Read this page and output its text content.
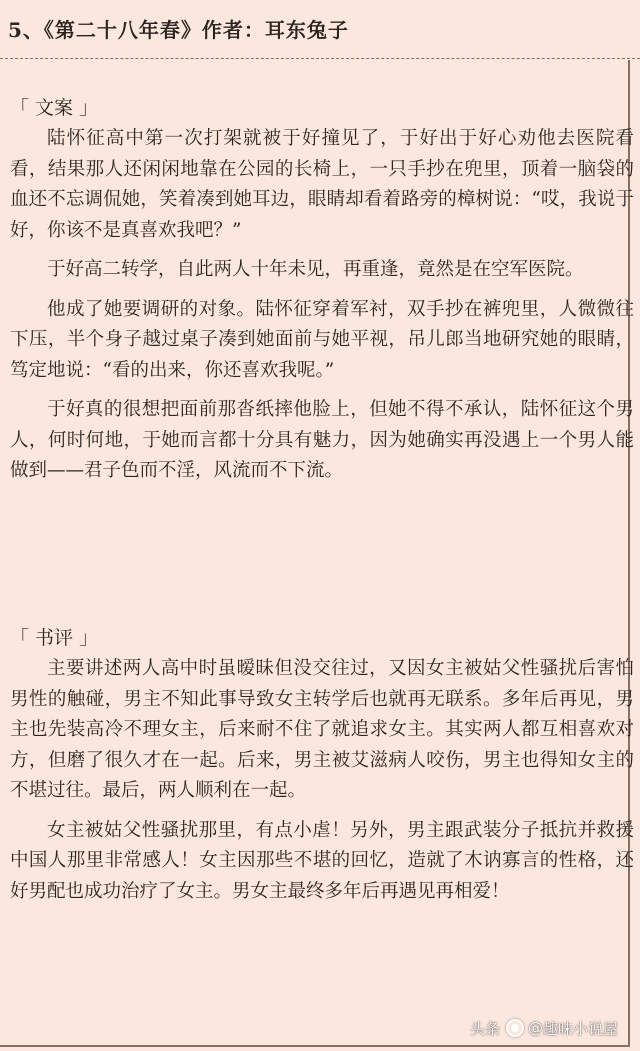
5、《第二十八年春》作者：耳东兔子
「 文案 」

陆怀征高中第一次打架就被于好撞见了，于好出于好心劝他去医院看看，结果那人还闲闲地靠在公园的长椅上，一只手抄在兜里，顶着一脑袋的血还不忘调侃她，笑着凑到她耳边，眼睛却看着路旁的樟树说：“哎，我说于好，你该不是真喜欢我吧？”

于好高二转学，自此两人十年未见，再重逢，竟然是在空军医院。

他成了她要调研的对象。陆怀征穿着军衬，双手抄在裤兜里，人微微往下压，半个身子越过桌子凑到她面前与她平视，吊儿郎当地研究她的眼睛，笃定地说：“看的出来，你还喜欢我呢。”

于好真的很想把面前那沓纸摔他脸上，但她不得不承认，陆怀征这个男人，何时何地，于她而言都十分具有魅力，因为她确实再没遇上一个男人能做到——君子色而不淫，风流而不下流。

「 书评 」

主要讲述两人高中时虽暧昧但没交往过，又因女主被姑父性骚扰后害怕男性的触碰，男主不知此事导致女主转学后也就再无联系。多年后再见，男主也先装高冷不理女主，后来耐不住了就追求女主。其实两人都互相喜欢对方，但磨了很久才在一起。后来，男主被艾滋病人咬伤，男主也得知女主的不堪过往。最后，两人顺利在一起。

女主被姑父性骚扰那里，有点小虐！另外，男主跟武装分子抵抗并救援中国人那里非常感人！女主因那些不堪的回忆，造就了木讷寡言的性格，还好男配也成功治疗了女主。男女主最终多年后再遇见再相爱！

头条 @ 趣味小说屋
